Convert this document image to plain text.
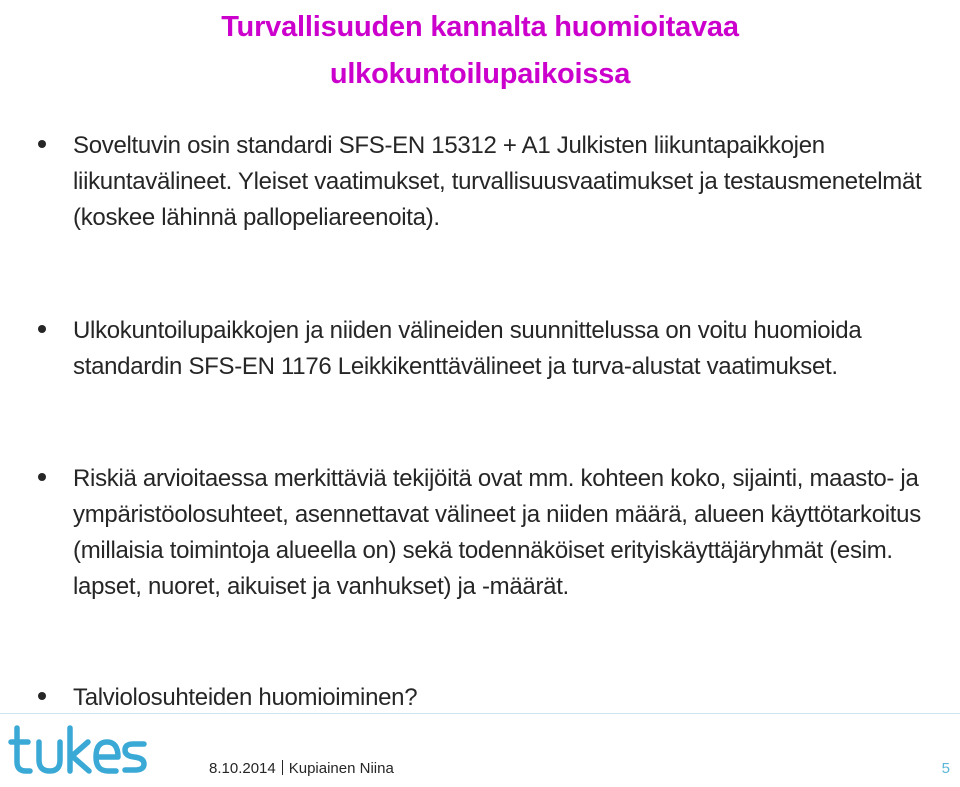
Turvallisuuden kannalta huomioitavaa
ulkokuntoilupaikoissa
Soveltuvin osin standardi SFS-EN 15312 + A1 Julkisten liikuntapaikkojen liikuntavälineet. Yleiset vaatimukset, turvallisuusvaatimukset ja testausmenetelmät (koskee lähinnä pallopeliareenoita).
Ulkokuntoilupaikkojen ja niiden välineiden suunnittelussa on voitu huomioida standardin SFS-EN 1176 Leikkikenttävälineet ja turva-alustat vaatimukset.
Riskiä arvioitaessa merkittäviä tekijöitä ovat mm. kohteen koko, sijainti, maasto- ja ympäristöolosuhteet, asennettavat välineet ja niiden määrä, alueen käyttötarkoitus (millaisia toimintoja alueella on) sekä todennäköiset erityiskäyttäjäryhmät (esim. lapset, nuoret, aikuiset ja vanhukset) ja -määrät.
Talviolosuhteiden huomioiminen?
8.10.2014 Kupiainen Niina	5
